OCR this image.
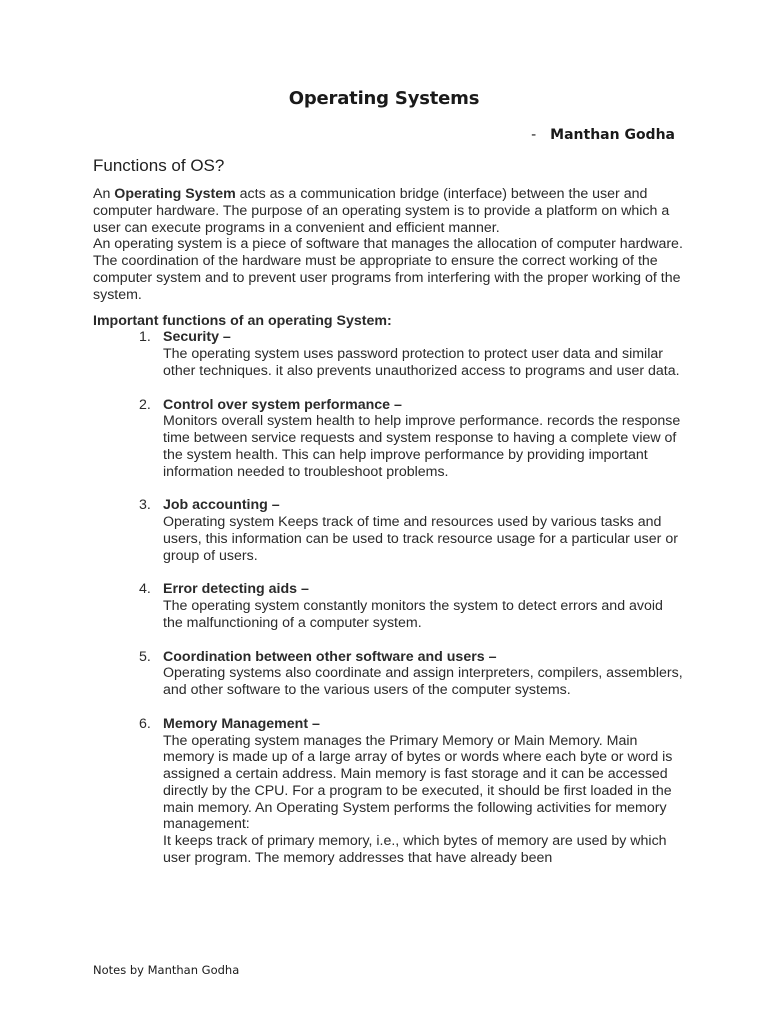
Operating Systems
- Manthan Godha
Functions of OS?

An Operating System acts as a communication bridge (interface) between the user and computer hardware. The purpose of an operating system is to provide a platform on which a user can execute programs in a convenient and efficient manner.

An operating system is a piece of software that manages the allocation of computer hardware. The coordination of the hardware must be appropriate to ensure the correct working of the computer system and to prevent user programs from interfering with the proper working of the system.

Important functions of an operating System:

1. Security –
The operating system uses password protection to protect user data and similar other techniques. it also prevents unauthorized access to programs and user data.
2. Control over system performance –
Monitors overall system health to help improve performance. records the response time between service requests and system response to having a complete view of the system health. This can help improve performance by providing important information needed to troubleshoot problems.
3. Job accounting –
Operating system Keeps track of time and resources used by various tasks and users, this information can be used to track resource usage for a particular user or group of users.
4. Error detecting aids –
The operating system constantly monitors the system to detect errors and avoid the malfunctioning of a computer system.
5. Coordination between other software and users –
Operating systems also coordinate and assign interpreters, compilers, assemblers, and other software to the various users of the computer systems.
6. Memory Management –
The operating system manages the Primary Memory or Main Memory. Main memory is made up of a large array of bytes or words where each byte or word is assigned a certain address. Main memory is fast storage and it can be accessed directly by the CPU. For a program to be executed, it should be first loaded in the main memory. An Operating System performs the following activities for memory management:
It keeps track of primary memory, i.e., which bytes of memory are used by which user program. The memory addresses that have already been
Notes by Manthan Godha
